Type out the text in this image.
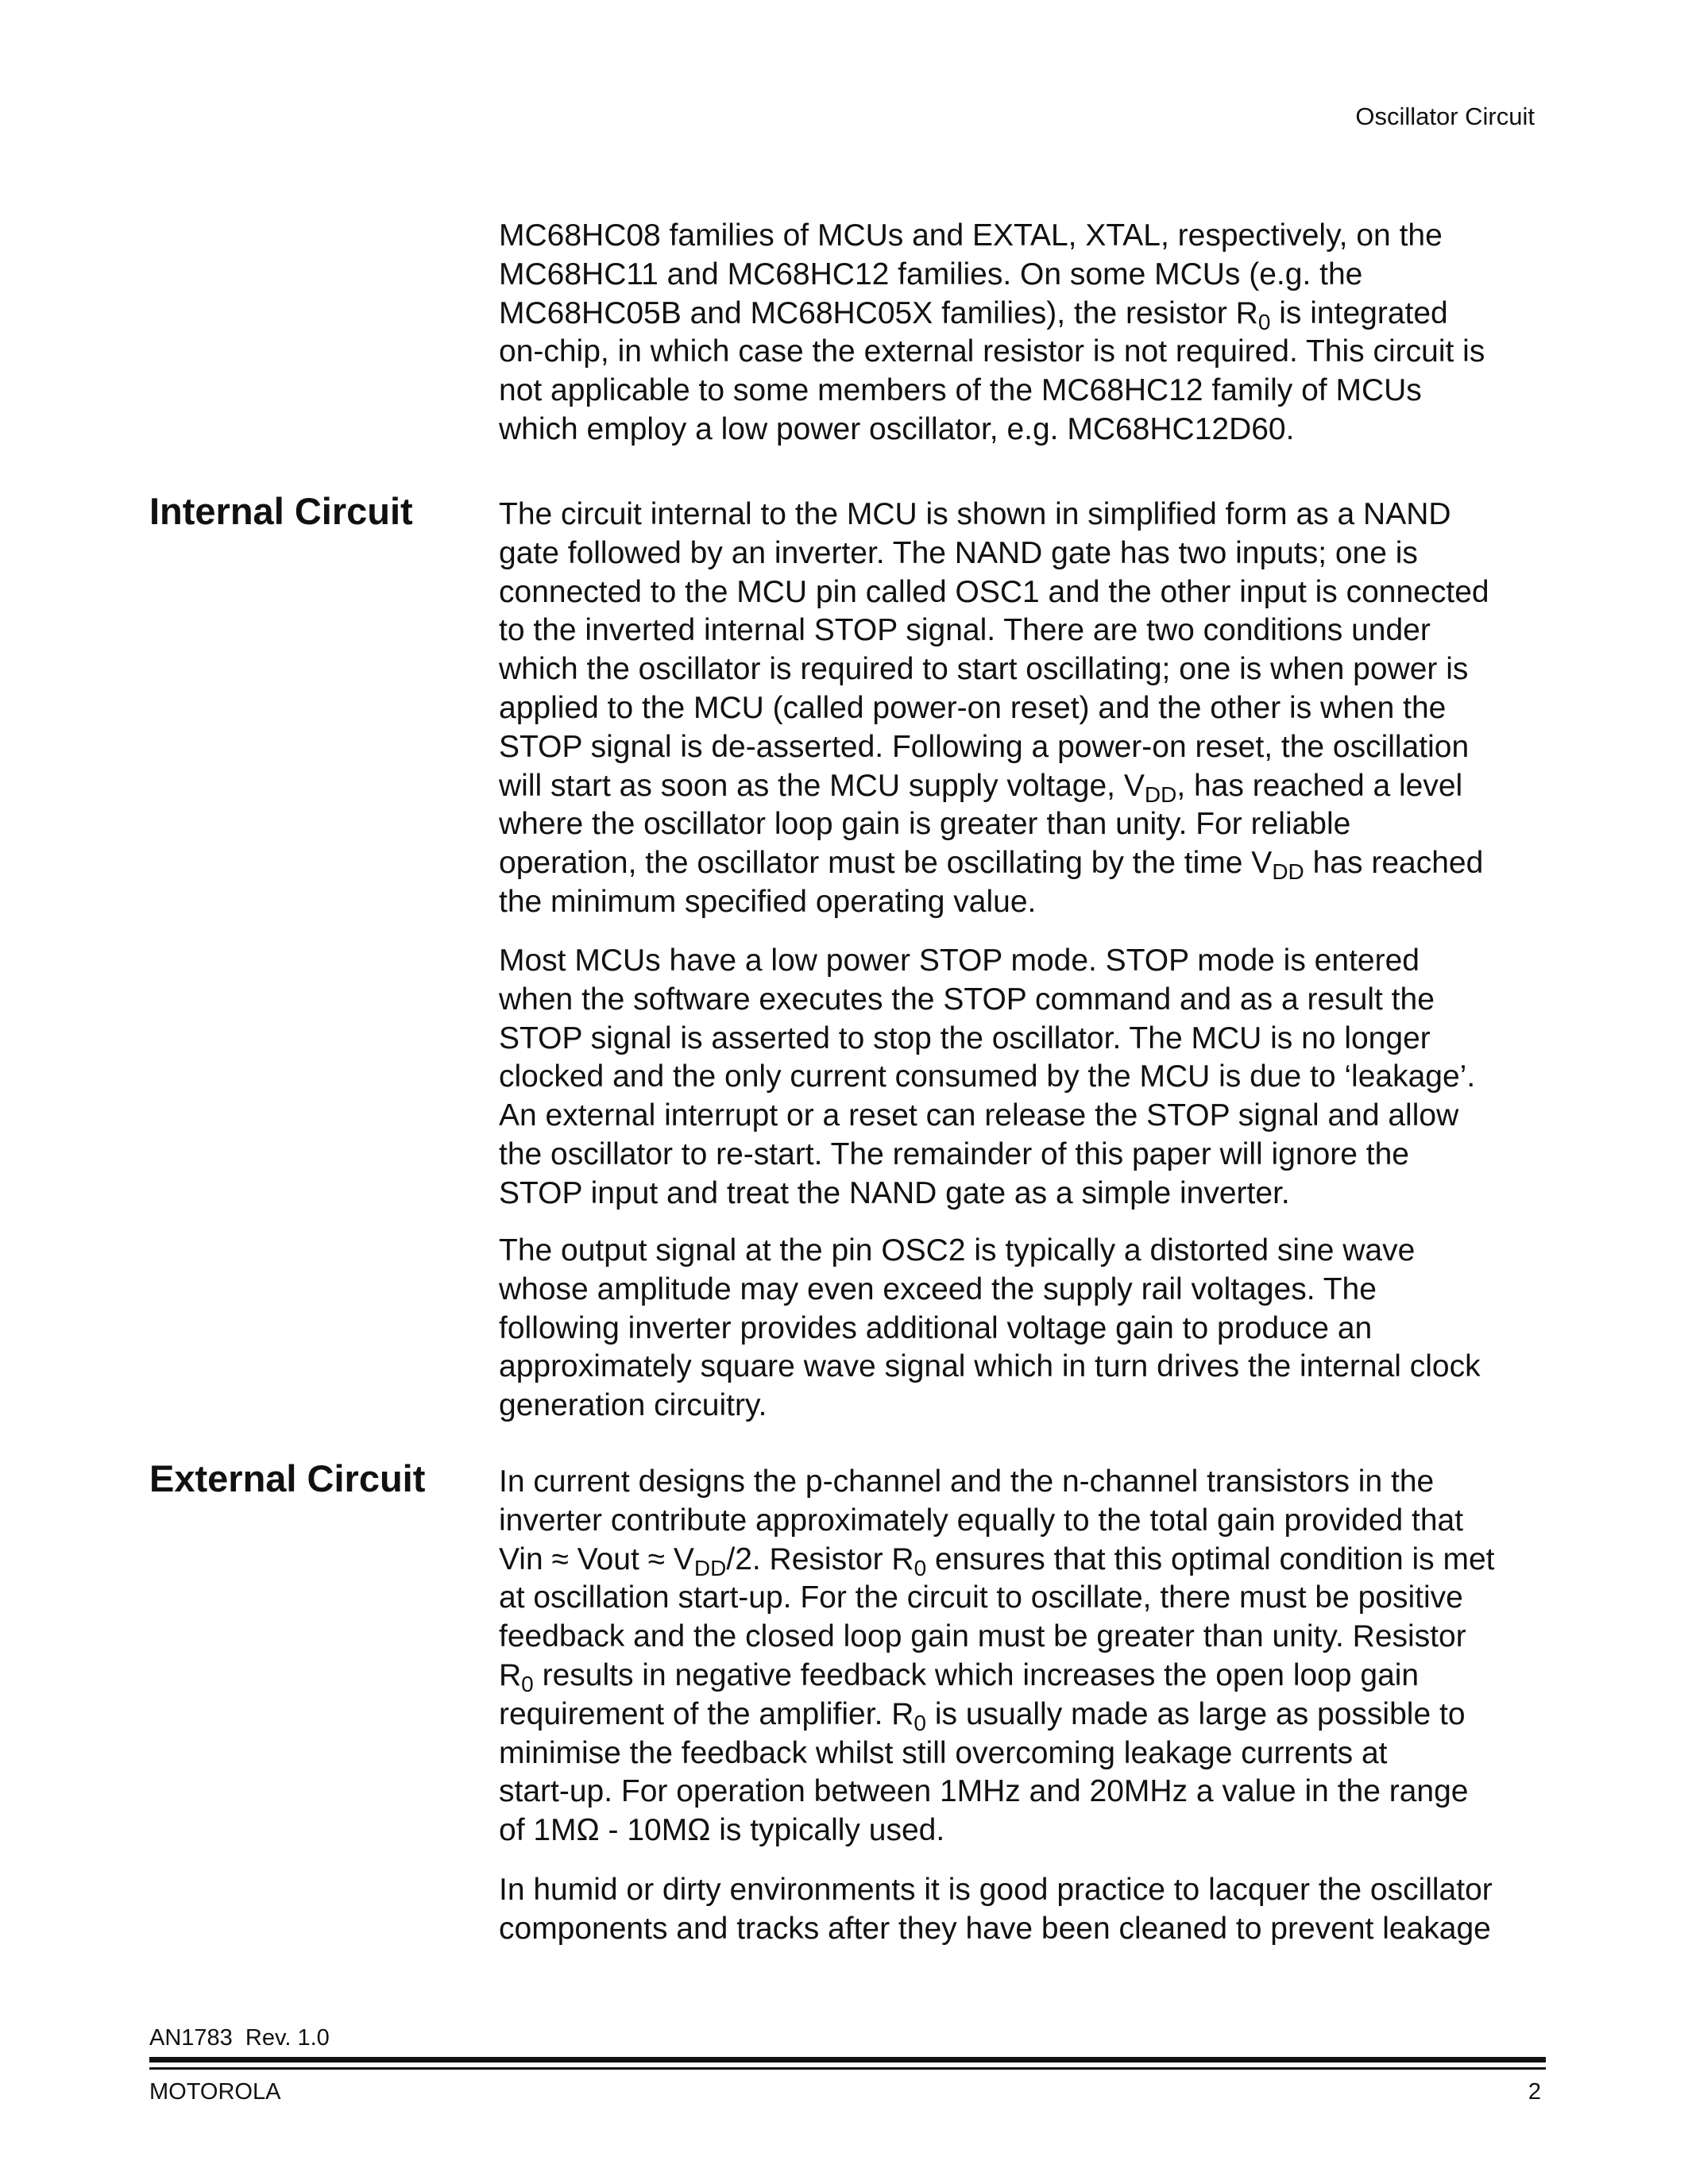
Oscillator Circuit
Internal Circuit
External Circuit
MC68HC08 families of MCUs and EXTAL, XTAL, respectively, on the
MC68HC11 and MC68HC12 families. On some MCUs (e.g. the
MC68HC05B and MC68HC05X families), the resistor $R_0$ is integrated
on-chip, in which case the external resistor is not required. This circuit is
not applicable to some members of the MC68HC12 family of MCUs
which employ a low power oscillator, e.g. MC68HC12D60.
The circuit internal to the MCU is shown in simplified form as a NAND
gate followed by an inverter. The NAND gate has two inputs; one is
connected to the MCU pin called OSC1 and the other input is connected
to the inverted internal STOP signal. There are two conditions under
which the oscillator is required to start oscillating; one is when power is
applied to the MCU (called power-on reset) and the other is when the
STOP signal is de-asserted. Following a power-on reset, the oscillation
will start as soon as the MCU supply voltage, $V_{DD}$, has reached a level
where the oscillator loop gain is greater than unity. For reliable
operation, the oscillator must be oscillating by the time $V_{DD}$ has reached
the minimum specified operating value.
Most MCUs have a low power STOP mode. STOP mode is entered
when the software executes the STOP command and as a result the
STOP signal is asserted to stop the oscillator. The MCU is no longer
clocked and the only current consumed by the MCU is due to ‘leakage’.
An external interrupt or a reset can release the STOP signal and allow
the oscillator to re-start. The remainder of this paper will ignore the
STOP input and treat the NAND gate as a simple inverter.
The output signal at the pin OSC2 is typically a distorted sine wave
whose amplitude may even exceed the supply rail voltages. The
following inverter provides additional voltage gain to produce an
approximately square wave signal which in turn drives the internal clock
generation circuitry.
In current designs the p-channel and the n-channel transistors in the
inverter contribute approximately equally to the total gain provided that
Vin ≈ Vout ≈ $V_{DD}/2$. Resistor $R_0$ ensures that this optimal condition is met
at oscillation start-up. For the circuit to oscillate, there must be positive
feedback and the closed loop gain must be greater than unity. Resistor
$R_0$ results in negative feedback which increases the open loop gain
requirement of the amplifier. $R_0$ is usually made as large as possible to
minimise the feedback whilst still overcoming leakage currents at
start-up. For operation between 1MHz and 20MHz a value in the range
of 1MΩ - 10MΩ is typically used.
In humid or dirty environments it is good practice to lacquer the oscillator
components and tracks after they have been cleaned to prevent leakage
AN1783  Rev. 1.0
MOTOROLA	2
